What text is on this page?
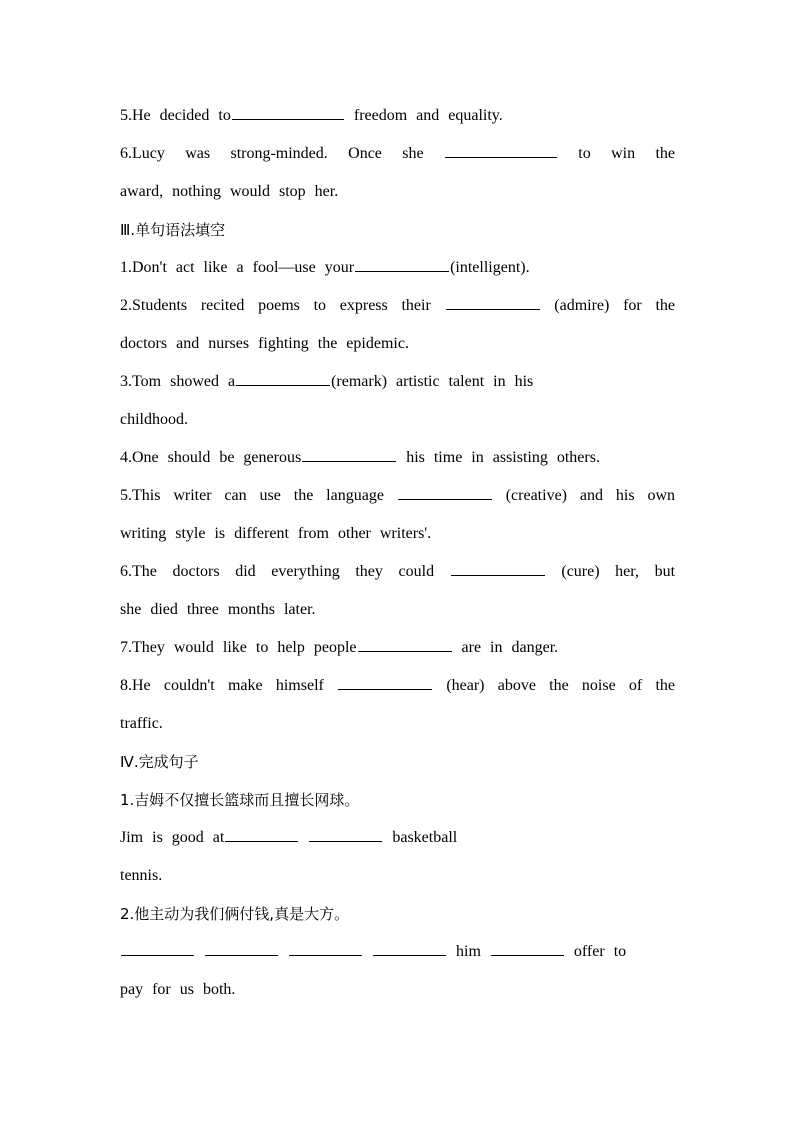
5.He decided to	freedom and equality.
6.Lucy was strong-minded. Once she	to win the
award, nothing would stop her.
Ⅲ.单句语法填空
1.Don't act like a fool—use your	(intelligent).
2.Students recited poems to express their	(admire) for the
doctors and nurses fighting the epidemic.
3.Tom showed a	(remark) artistic talent in his
childhood.
4.One should be generous	his time in assisting others.
5.This writer can use the language	(creative) and his own
writing style is different from other writers'.
6.The doctors did everything they could	(cure) her, but
she died three months later.
7.They would like to help people	are in danger.
8.He couldn't make himself	(hear) above the noise of the
traffic.
Ⅳ.完成句子
1.吉姆不仅擅长篮球而且擅长网球。
Jim is good at	basketball
tennis.
2.他主动为我们俩付钱,真是大方。
him	offer to
pay for us both.
